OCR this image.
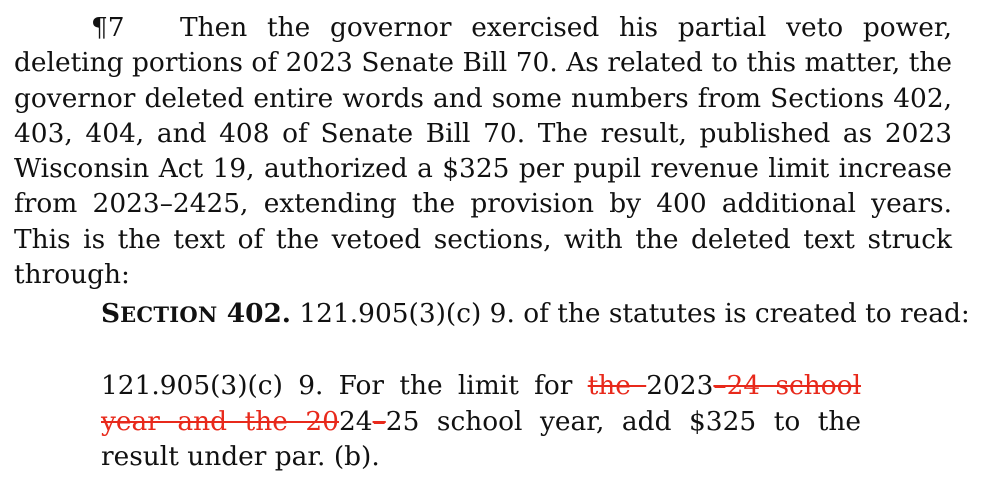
¶7 Then the governor exercised his partial veto power, deleting portions of 2023 Senate Bill 70. As related to this matter, the governor deleted entire words and some numbers from Sections 402, 403, 404, and 408 of Senate Bill 70. The result, published as 2023 Wisconsin Act 19, authorized a $325 per pupil revenue limit increase from 2023–2425, extending the provision by 400 additional years. This is the text of the vetoed sections, with the deleted text struck through:

SECTION 402. 121.905(3)(c) 9. of the statutes is created to read:

121.905(3)(c) 9. For the limit for the 2023–24 school year and the 2024–25 school year, add $325 to the result under par. (b).
